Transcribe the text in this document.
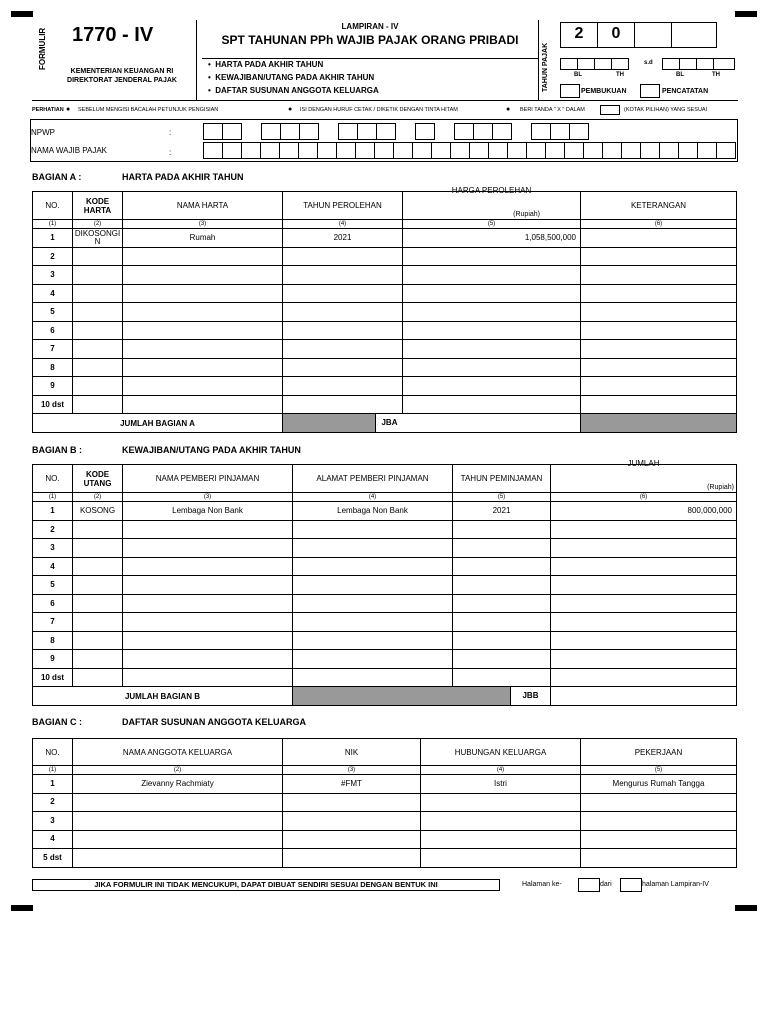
FORMULIR 1770 - IV
KEMENTERIAN KEUANGAN RI
DIREKTORAT JENDERAL PAJAK
LAMPIRAN - IV
SPT TAHUNAN PPh WAJIB PAJAK ORANG PRIBADI
•  HARTA PADA AKHIR TAHUN
•  KEWAJIBAN/UTANG PADA AKHIR TAHUN
•  DAFTAR SUSUNAN ANGGOTA KELUARGA	TAHUN PAJAK
2	0
s.d
BL	TH	BL	TH
PEMBUKUAN	PENCATATAN
PERHATIAN ● SEBELUM MENGISI BACALAH PETUNJUK PENGISIAN	● ISI DENGAN HURUF CETAK / DIKETIK DENGAN TINTA HITAM	● BERI TANDA " X " DALAM	(KOTAK PILIHAN) YANG SESUAI
NPWP	:
NAMA WAJIB PAJAK	:
BAGIAN A :	HARTA PADA AKHIR TAHUN
NO.	KODE HARTA	NAMA HARTA	TAHUN PEROLEHAN	HARGA PEROLEHAN
(Rupiah)	KETERANGAN
(1)	(2)	(3)	(4)	(5)	(6)
1	DIKOSONGIN	Rumah	2021	1,058,500,000	
2					
3					
4					
5					
6					
7					
8					
9					
10 dst					
JUMLAH BAGIAN A				JBA	

BAGIAN B :	KEWAJIBAN/UTANG PADA AKHIR TAHUN
NO.	KODE UTANG	NAMA PEMBERI PINJAMAN	ALAMAT PEMBERI PINJAMAN	TAHUN PEMINJAMAN	JUMLAH
(Rupiah)

(1)	(2)	(3)	(4)	(5)	(6)
1	KOSONG	Lembaga Non Bank	Lembaga Non Bank	2021	800,000,000
2					
3					
4					
5					
6					
7					
8					
9					
10 dst					
JUMLAH BAGIAN B			JBB		

BAGIAN C :	DAFTAR SUSUNAN ANGGOTA KELUARGA
NO.	NAMA ANGGOTA KELUARGA	NIK	HUBUNGAN KELUARGA	PEKERJAAN
(1)	(2)	(3)	(4)	(5)
1	Zievanny Rachmiaty	#FMT	Istri	Mengurus Rumah Tangga
2				
3				
4				
5 dst				
JIKA FORMULIR INI TIDAK MENCUKUPI, DAPAT DIBUAT SENDIRI SESUAI DENGAN BENTUK INI	Halaman ke-	dari	halaman Lampiran-IV
